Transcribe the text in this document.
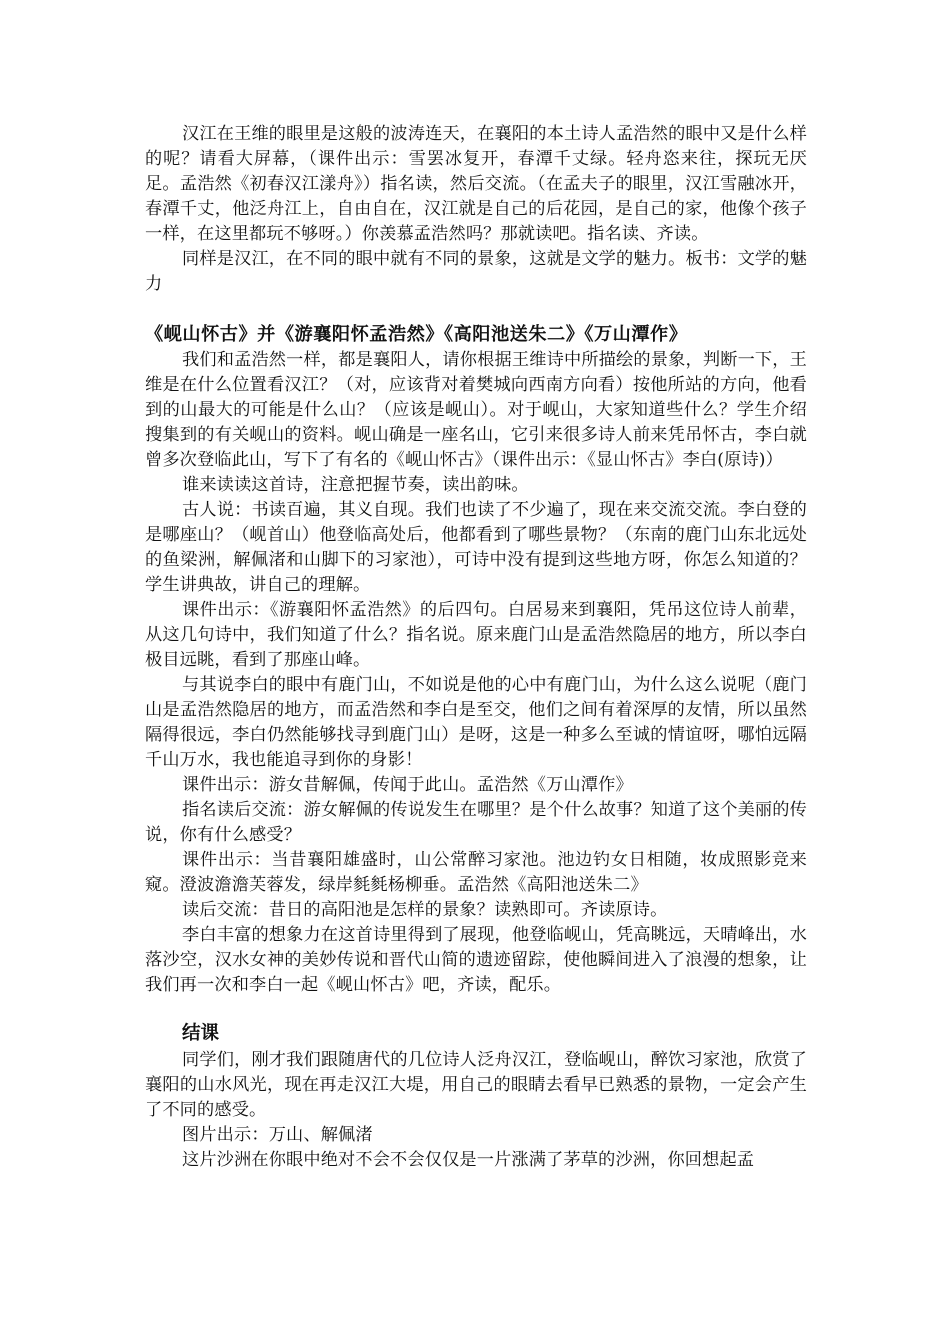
汉江在王维的眼里是这般的波涛连天，在襄阳的本土诗人孟浩然的眼中又是什么样的呢？请看大屏幕，（课件出示：雪罢冰复开，春潭千丈绿。轻舟恣来往，探玩无厌足。孟浩然《初春汉江漾舟》）指名读，然后交流。（在孟夫子的眼里，汉江雪融冰开，春潭千丈，他泛舟江上，自由自在，汉江就是自己的后花园，是自己的家，他像个孩子一样，在这里都玩不够呀。）你羡慕孟浩然吗？那就读吧。指名读、齐读。

同样是汉江，在不同的眼中就有不同的景象，这就是文学的魅力。板书：文学的魅力

《岘山怀古》并《游襄阳怀孟浩然》《高阳池送朱二》《万山潭作》

我们和孟浩然一样，都是襄阳人，请你根据王维诗中所描绘的景象，判断一下，王维是在什么位置看汉江？（对，应该背对着樊城向西南方向看）按他所站的方向，他看到的山最大的可能是什么山？（应该是岘山）。对于岘山，大家知道些什么？学生介绍搜集到的有关岘山的资料。岘山确是一座名山，它引来很多诗人前来凭吊怀古，李白就曾多次登临此山，写下了有名的《岘山怀古》（课件出示：《显山怀古》李白(原诗)）

谁来读读这首诗，注意把握节奏，读出韵味。

古人说：书读百遍，其义自现。我们也读了不少遍了，现在来交流交流。李白登的是哪座山？（岘首山）他登临高处后，他都看到了哪些景物？（东南的鹿门山东北远处的鱼梁洲，解佩渚和山脚下的习家池），可诗中没有提到这些地方呀，你怎么知道的？学生讲典故，讲自己的理解。

课件出示：《游襄阳怀孟浩然》的后四句。白居易来到襄阳，凭吊这位诗人前辈，从这几句诗中，我们知道了什么？指名说。原来鹿门山是孟浩然隐居的地方，所以李白极目远眺，看到了那座山峰。

与其说李白的眼中有鹿门山，不如说是他的心中有鹿门山，为什么这么说呢（鹿门山是孟浩然隐居的地方，而孟浩然和李白是至交，他们之间有着深厚的友情，所以虽然隔得很远，李白仍然能够找寻到鹿门山）是呀，这是一种多么至诚的情谊呀，哪怕远隔千山万水，我也能追寻到你的身影！

课件出示：游女昔解佩，传闻于此山。孟浩然《万山潭作》

指名读后交流：游女解佩的传说发生在哪里？是个什么故事？知道了这个美丽的传说，你有什么感受？

课件出示：当昔襄阳雄盛时，山公常醉习家池。池边钓女日相随，妆成照影竞来窥。澄波澹澹芙蓉发，绿岸毵毵杨柳垂。孟浩然《高阳池送朱二》

读后交流：昔日的高阳池是怎样的景象？读熟即可。齐读原诗。

李白丰富的想象力在这首诗里得到了展现，他登临岘山，凭高眺远，天晴峰出，水落沙空，汉水女神的美妙传说和晋代山简的遗迹留踪，使他瞬间进入了浪漫的想象，让我们再一次和李白一起《岘山怀古》吧，齐读，配乐。

结课

同学们，刚才我们跟随唐代的几位诗人泛舟汉江，登临岘山，醉饮习家池，欣赏了襄阳的山水风光，现在再走汉江大堤，用自己的眼睛去看早已熟悉的景物，一定会产生了不同的感受。

图片出示：万山、解佩渚

这片沙洲在你眼中绝对不会不会仅仅是一片涨满了茅草的沙洲，你回想起孟
